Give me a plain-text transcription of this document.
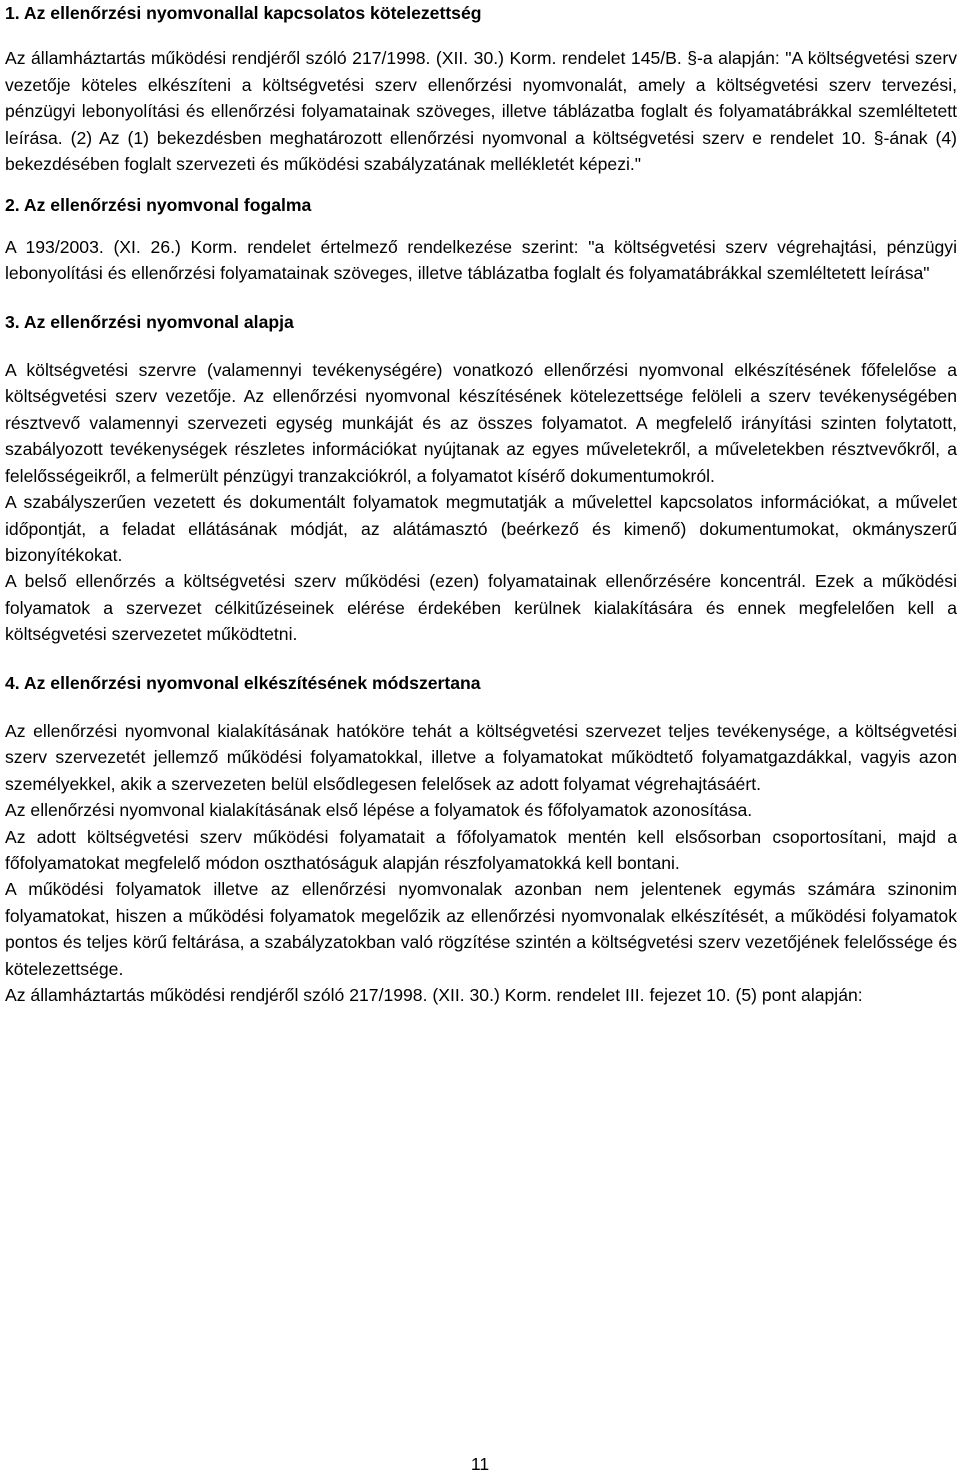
1. Az ellenőrzési nyomvonallal kapcsolatos kötelezettség

Az államháztartás működési rendjéről szóló 217/1998. (XII. 30.) Korm. rendelet 145/B. §-a alapján: "A költségvetési szerv vezetője köteles elkészíteni a költségvetési szerv ellenőrzési nyomvonalát, amely a költségvetési szerv tervezési, pénzügyi lebonyolítási és ellenőrzési folyamatainak szöveges, illetve táblázatba foglalt és folyamatábrákkal szemléltetett leírása. (2) Az (1) bekezdésben meghatározott ellenőrzési nyomvonal a költségvetési szerv e rendelet 10. §-ának (4) bekezdésében foglalt szervezeti és működési szabályzatának mellékletét képezi."

2. Az ellenőrzési nyomvonal fogalma

A 193/2003. (XI. 26.) Korm. rendelet értelmező rendelkezése szerint: "a költségvetési szerv végrehajtási, pénzügyi lebonyolítási és ellenőrzési folyamatainak szöveges, illetve táblázatba foglalt és folyamatábrákkal szemléltetett leírása"

3. Az ellenőrzési nyomvonal alapja

A költségvetési szervre (valamennyi tevékenységére) vonatkozó ellenőrzési nyomvonal elkészítésének főfelelőse a költségvetési szerv vezetője. Az ellenőrzési nyomvonal készítésének kötelezettsége felöleli a szerv tevékenységében résztvevő valamennyi szervezeti egység munkáját és az összes folyamatot. A megfelelő irányítási szinten folytatott, szabályozott tevékenységek részletes információkat nyújtanak az egyes műveletekről, a műveletekben résztvevőkről, a felelősségeikről, a felmerült pénzügyi tranzakciókról, a folyamatot kísérő dokumentumokról.

A szabályszerűen vezetett és dokumentált folyamatok megmutatják a művelettel kapcsolatos információkat, a művelet időpontját, a feladat ellátásának módját, az alátámasztó (beérkező és kimenő) dokumentumokat, okmányszerű bizonyítékokat.

A belső ellenőrzés a költségvetési szerv működési (ezen) folyamatainak ellenőrzésére koncentrál. Ezek a működési folyamatok a szervezet célkitűzéseinek elérése érdekében kerülnek kialakítására és ennek megfelelően kell a költségvetési szervezetet működtetni.

4. Az ellenőrzési nyomvonal elkészítésének módszertana

Az ellenőrzési nyomvonal kialakításának hatóköre tehát a költségvetési szervezet teljes tevékenysége, a költségvetési szerv szervezetét jellemző működési folyamatokkal, illetve a folyamatokat működtető folyamatgazdákkal, vagyis azon személyekkel, akik a szervezeten belül elsődlegesen felelősek az adott folyamat végrehajtásáért.

Az ellenőrzési nyomvonal kialakításának első lépése a folyamatok és főfolyamatok azonosítása.

Az adott költségvetési szerv működési folyamatait a főfolyamatok mentén kell elsősorban csoportosítani, majd a főfolyamatokat megfelelő módon oszthatóságuk alapján részfolyamatokká kell bontani.

A működési folyamatok illetve az ellenőrzési nyomvonalak azonban nem jelentenek egymás számára szinonim folyamatokat, hiszen a működési folyamatok megelőzik az ellenőrzési nyomvonalak elkészítését, a működési folyamatok pontos és teljes körű feltárása, a szabályzatokban való rögzítése szintén a költségvetési szerv vezetőjének felelőssége és kötelezettsége.

Az államháztartás működési rendjéről szóló 217/1998. (XII. 30.) Korm. rendelet III. fejezet 10. (5) pont alapján:

11
